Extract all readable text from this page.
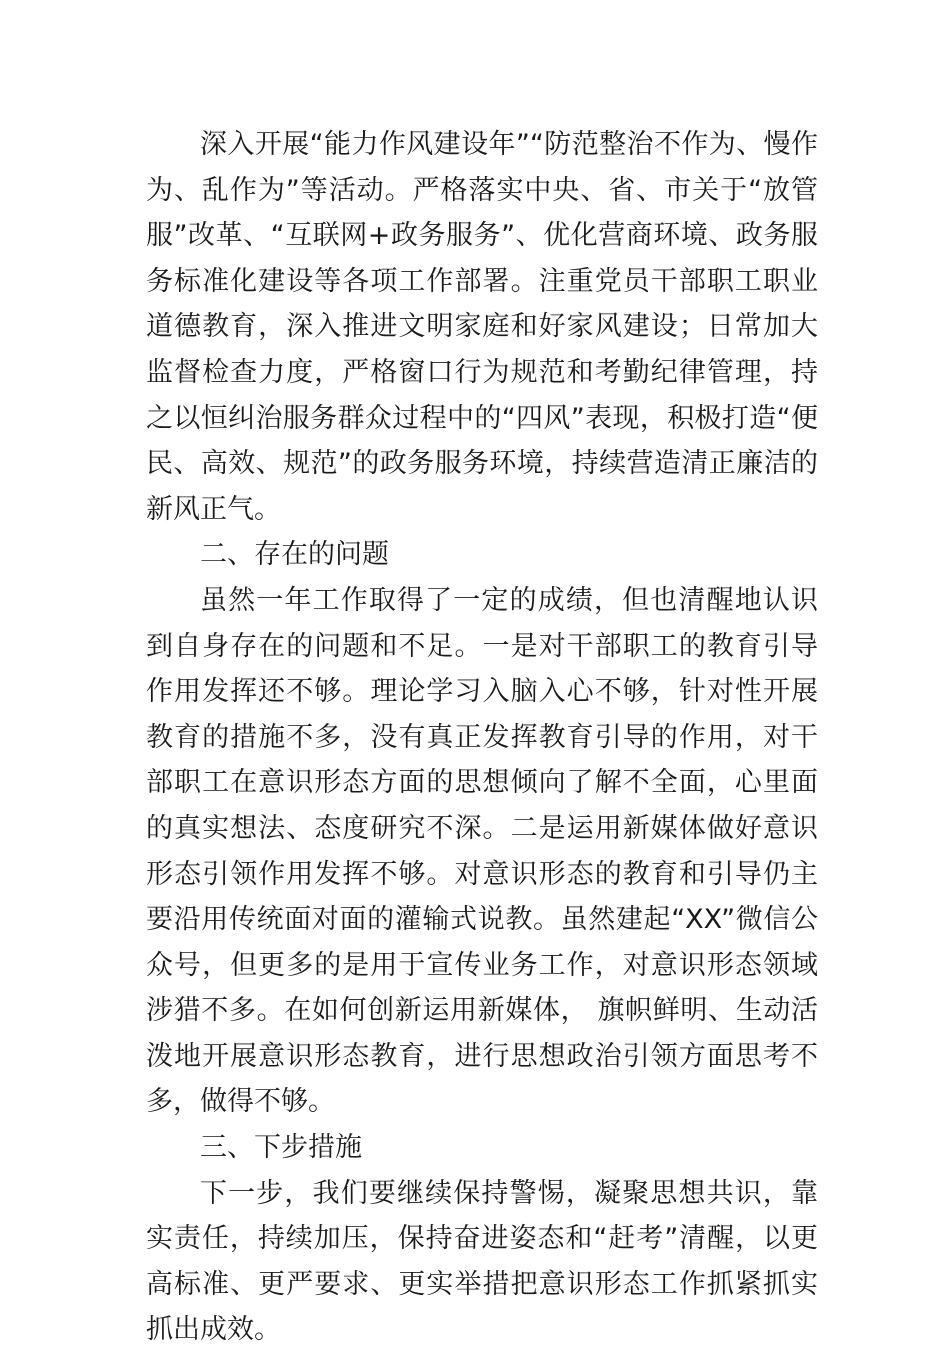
深入开展“能力作风建设年”“防范整治不作为、慢作为、乱作为”等活动。严格落实中央、省、市关于“放管服”改革、“互联网+政务服务”、优化营商环境、政务服务标准化建设等各项工作部署。注重党员干部职工职业道德教育，深入推进文明家庭和好家风建设；日常加大监督检查力度，严格窗口行为规范和考勤纪律管理，持之以恒纠治服务群众过程中的“四风”表现，积极打造“便民、高效、规范”的政务服务环境，持续营造清正廉洁的新风正气。

二、存在的问题

虽然一年工作取得了一定的成绩，但也清醒地认识到自身存在的问题和不足。一是对干部职工的教育引导作用发挥还不够。理论学习入脑入心不够，针对性开展教育的措施不多，没有真正发挥教育引导的作用，对干部职工在意识形态方面的思想倾向了解不全面，心里面的真实想法、态度研究不深。二是运用新媒体做好意识形态引领作用发挥不够。对意识形态的教育和引导仍主要沿用传统面对面的灌输式说教。虽然建起“XX”微信公众号，但更多的是用于宣传业务工作，对意识形态领域涉猎不多。在如何创新运用新媒体， 旗帜鲜明、生动活泼地开展意识形态教育，进行思想政治引领方面思考不多，做得不够。

三、下步措施

下一步，我们要继续保持警惕，凝聚思想共识，靠实责任，持续加压，保持奋进姿态和“赶考”清醒，以更高标准、更严要求、更实举措把意识形态工作抓紧抓实抓出成效。
